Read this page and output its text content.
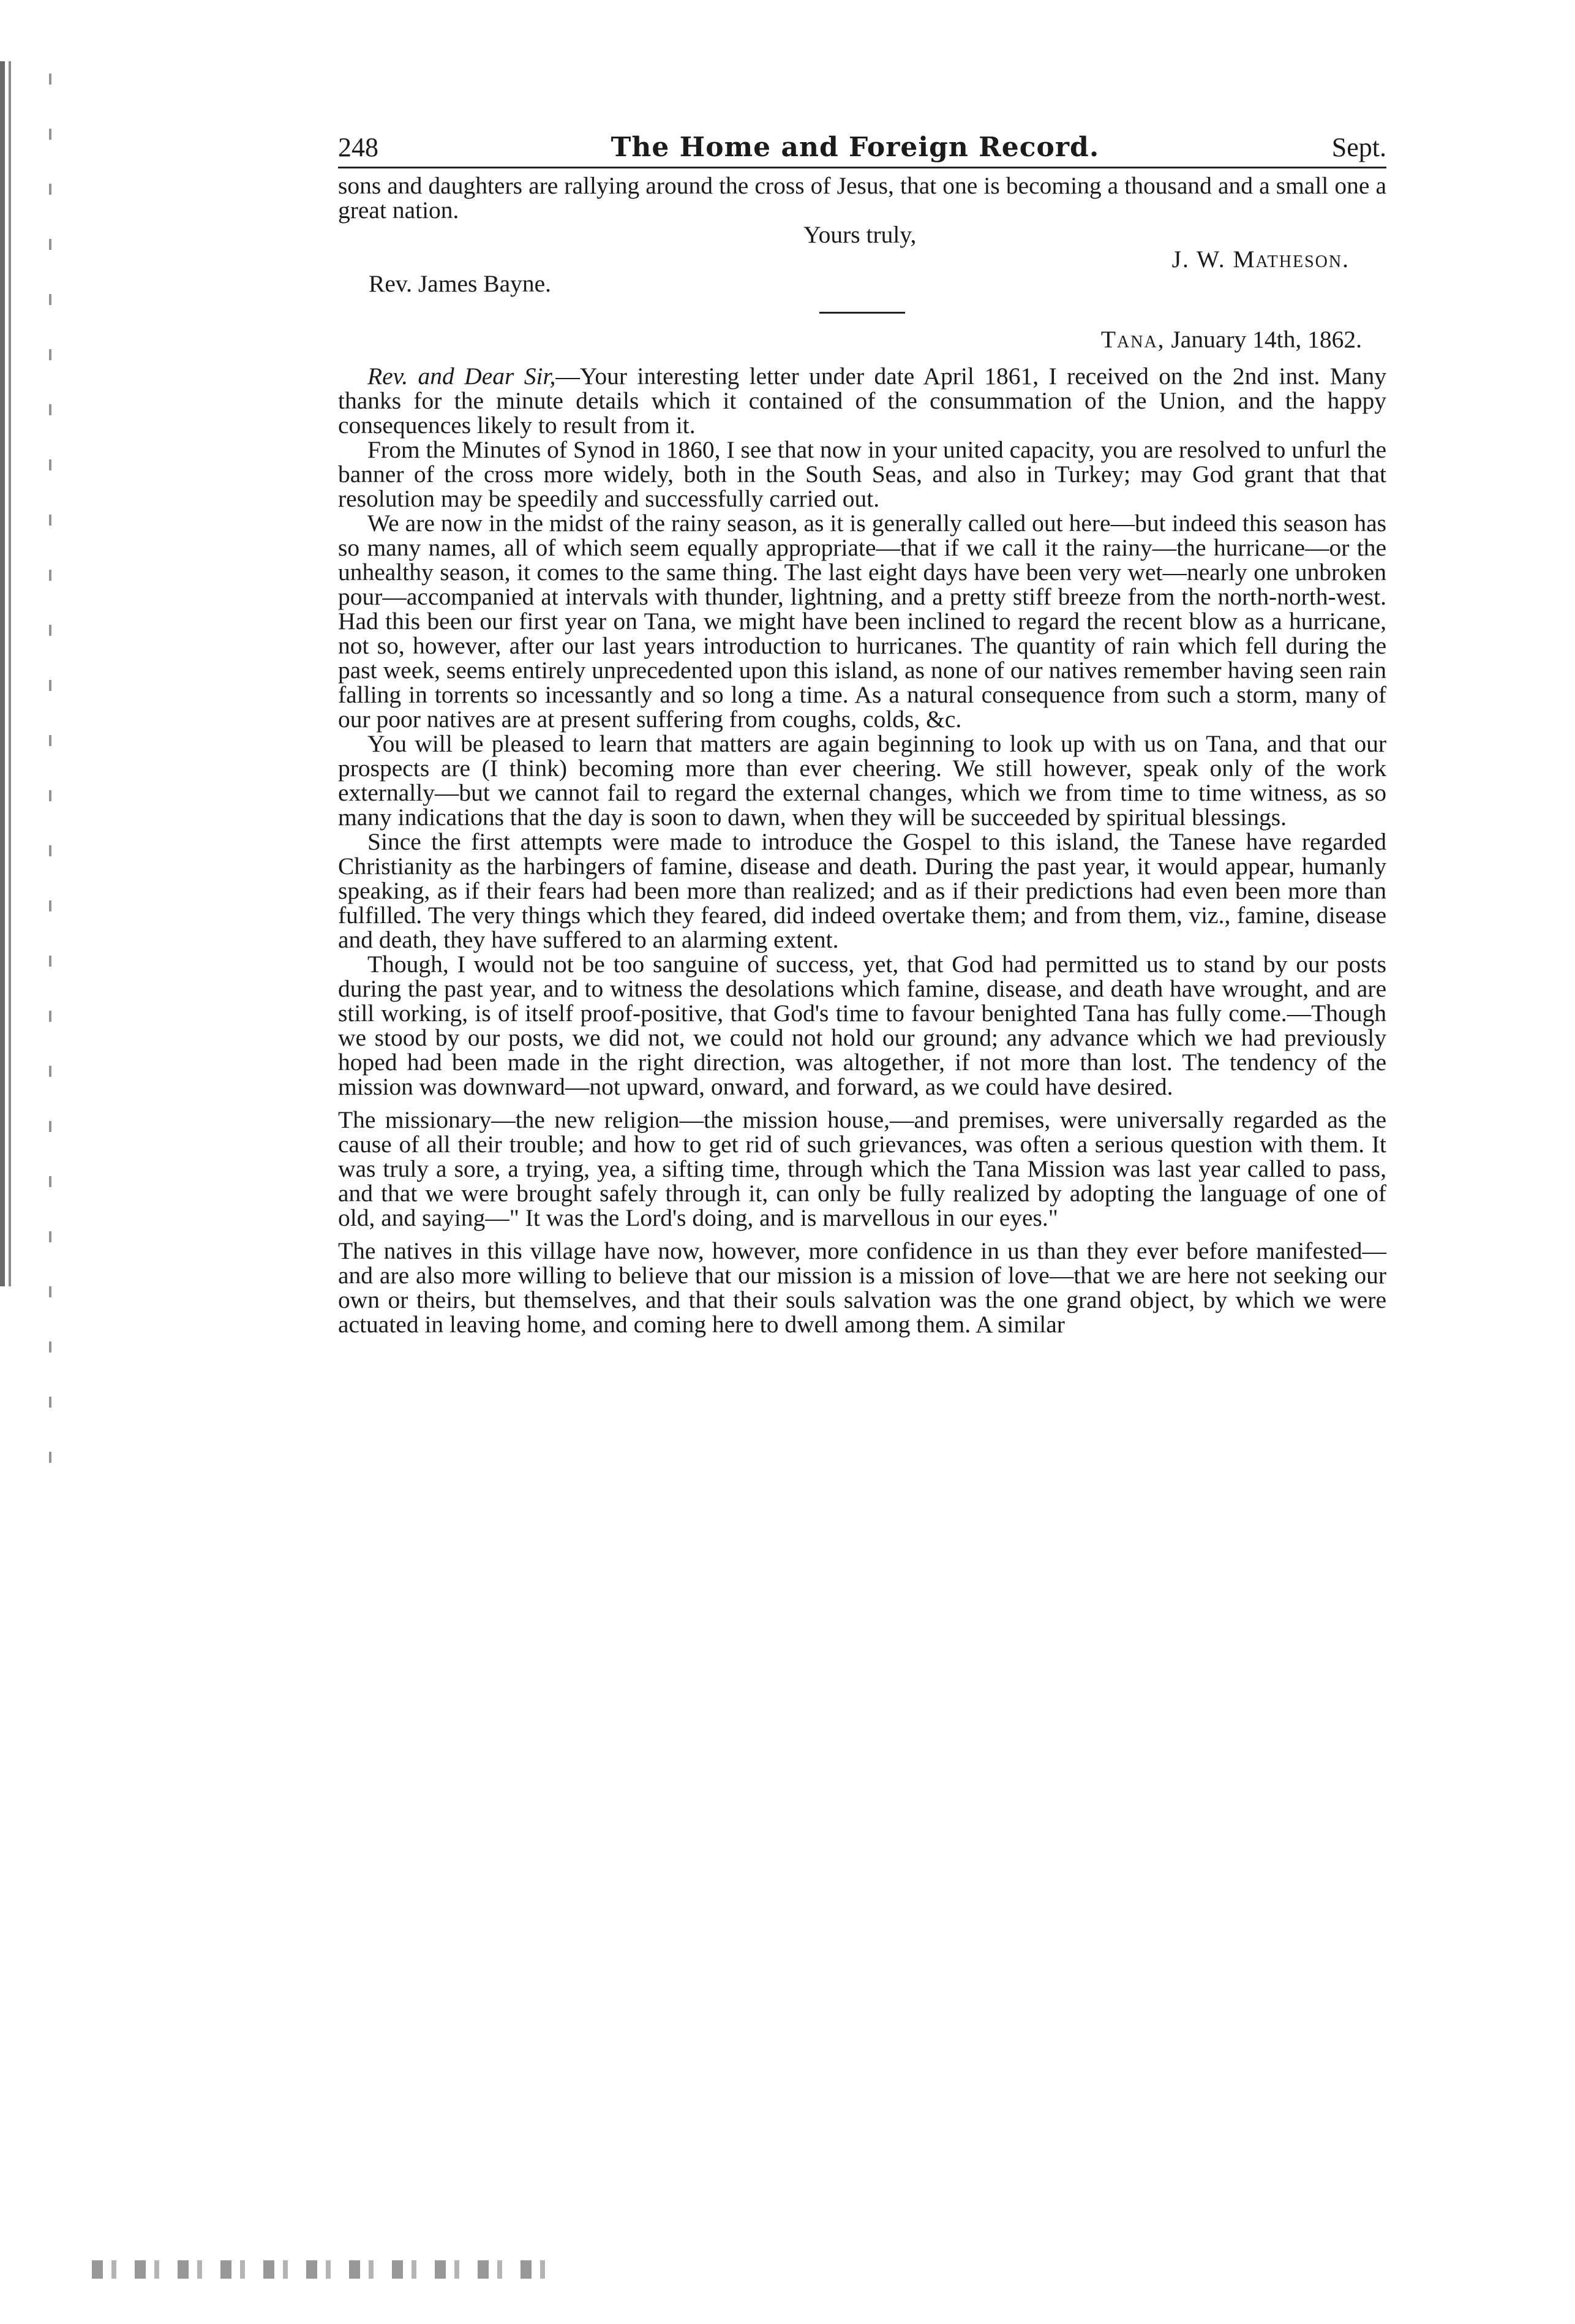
248	The Home and Foreign Record.	Sept.

sons and daughters are rallying around the cross of Jesus, that one is becoming a thousand and a small one a great nation.

Yours truly,
J. W. Matheson.
Rev. James Bayne.
Tana, January 14th, 1862.

Rev. and Dear Sir,—Your interesting letter under date April 1861, I received on the 2nd inst. Many thanks for the minute details which it contained of the consummation of the Union, and the happy consequences likely to result from it.

From the Minutes of Synod in 1860, I see that now in your united capacity, you are resolved to unfurl the banner of the cross more widely, both in the South Seas, and also in Turkey; may God grant that that resolution may be speedily and successfully carried out.

We are now in the midst of the rainy season, as it is generally called out here—but indeed this season has so many names, all of which seem equally appropriate—that if we call it the rainy—the hurricane—or the unhealthy season, it comes to the same thing. The last eight days have been very wet—nearly one unbroken pour—accompanied at intervals with thunder, lightning, and a pretty stiff breeze from the north-north-west. Had this been our first year on Tana, we might have been inclined to regard the recent blow as a hurricane, not so, however, after our last years introduction to hurricanes. The quantity of rain which fell during the past week, seems entirely unprecedented upon this island, as none of our natives remember having seen rain falling in torrents so incessantly and so long a time. As a natural consequence from such a storm, many of our poor natives are at present suffering from coughs, colds, &c.

You will be pleased to learn that matters are again beginning to look up with us on Tana, and that our prospects are (I think) becoming more than ever cheering. We still however, speak only of the work externally—but we cannot fail to regard the external changes, which we from time to time witness, as so many indications that the day is soon to dawn, when they will be succeeded by spiritual blessings.

Since the first attempts were made to introduce the Gospel to this island, the Tanese have regarded Christianity as the harbingers of famine, disease and death. During the past year, it would appear, humanly speaking, as if their fears had been more than realized; and as if their predictions had even been more than fulfilled. The very things which they feared, did indeed overtake them; and from them, viz., famine, disease and death, they have suffered to an alarming extent.

Though, I would not be too sanguine of success, yet, that God had permitted us to stand by our posts during the past year, and to witness the desolations which famine, disease, and death have wrought, and are still working, is of itself proof-positive, that God's time to favour benighted Tana has fully come.—Though we stood by our posts, we did not, we could not hold our ground; any advance which we had previously hoped had been made in the right direction, was altogether, if not more than lost. The tendency of the mission was downward—not upward, onward, and forward, as we could have desired.

The missionary—the new religion—the mission house,—and premises, were universally regarded as the cause of all their trouble; and how to get rid of such grievances, was often a serious question with them. It was truly a sore, a trying, yea, a sifting time, through which the Tana Mission was last year called to pass, and that we were brought safely through it, can only be fully realized by adopting the language of one of old, and saying—" It was the Lord's doing, and is marvellous in our eyes."

The natives in this village have now, however, more confidence in us than they ever before manifested—and are also more willing to believe that our mission is a mission of love—that we are here not seeking our own or theirs, but themselves, and that their souls salvation was the one grand object, by which we were actuated in leaving home, and coming here to dwell among them. A similar
